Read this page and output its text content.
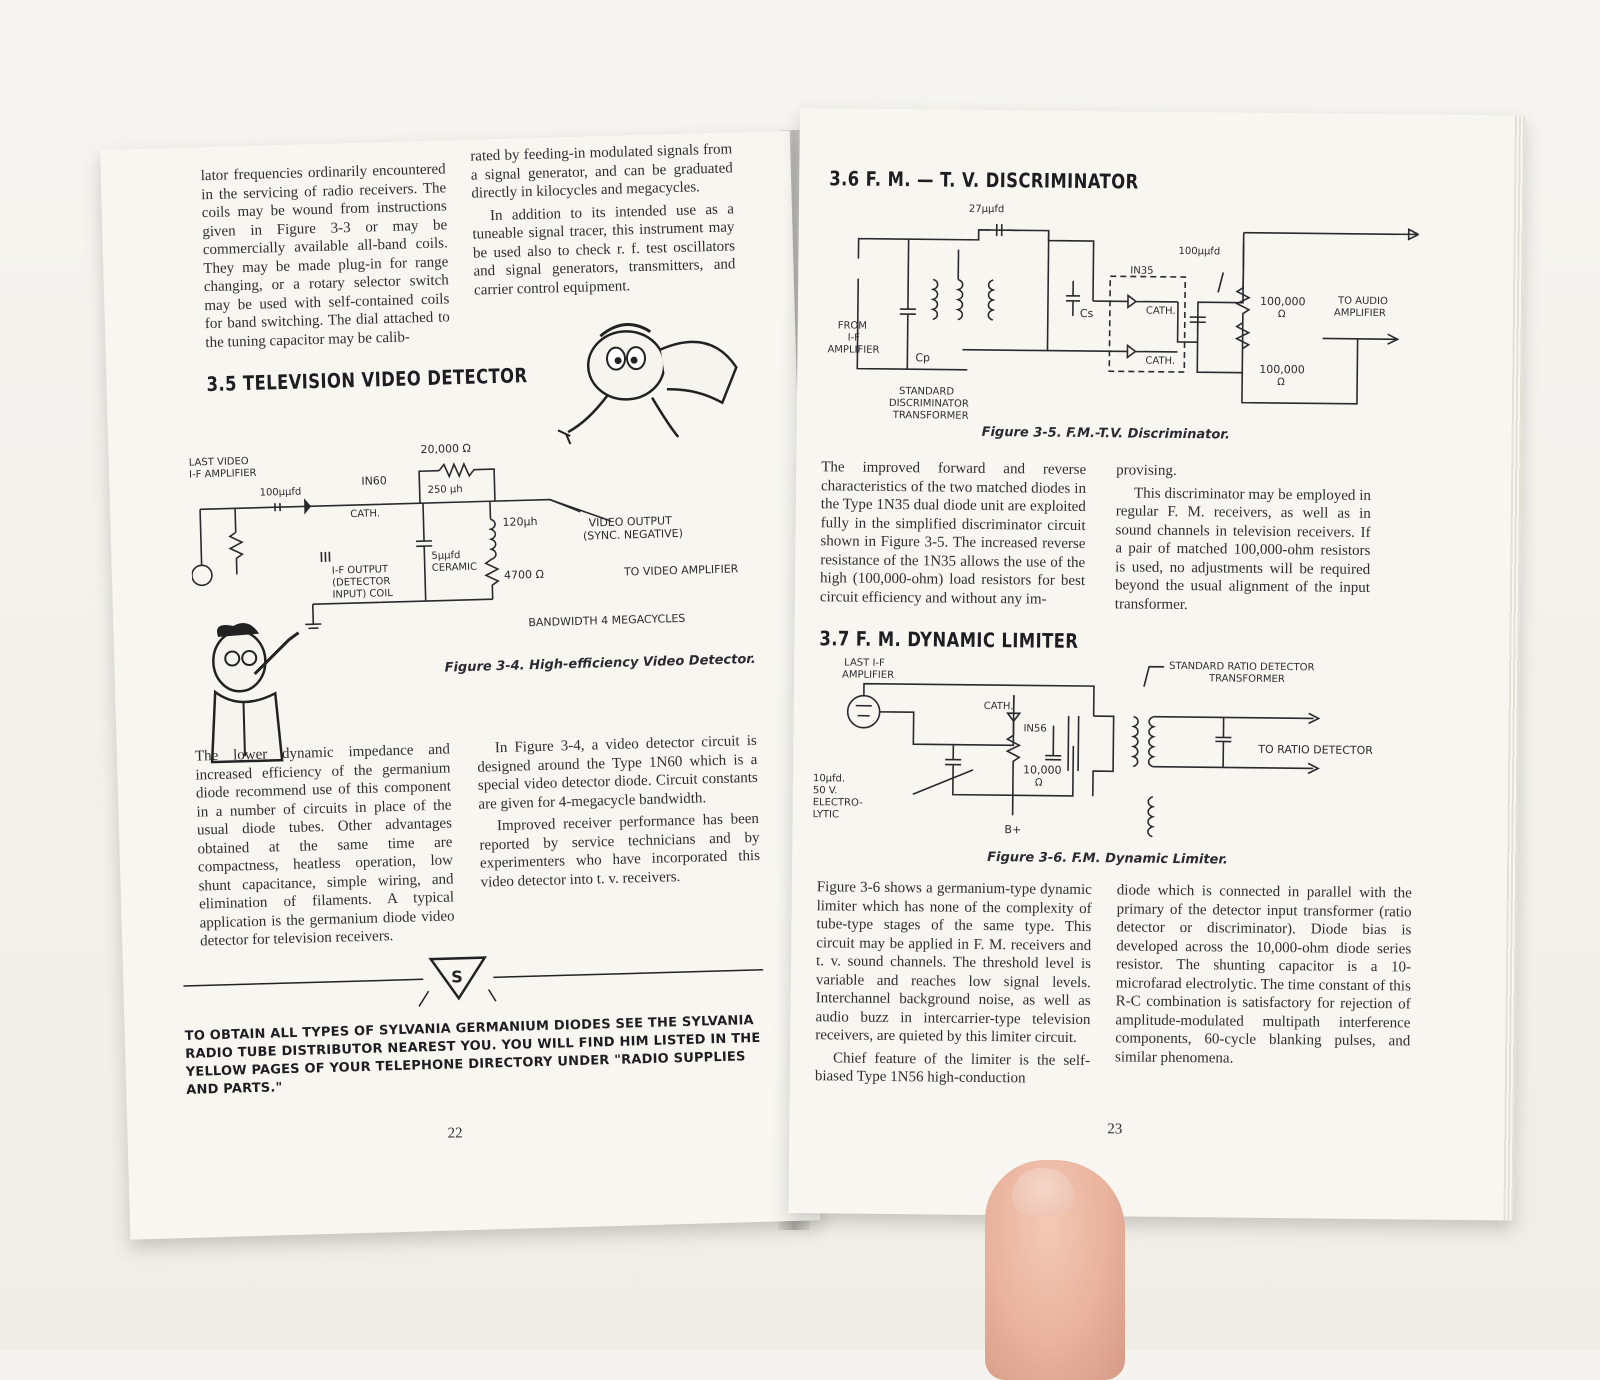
lator frequencies ordinarily encountered in the servicing of radio receivers. The coils may be wound from instructions given in Figure 3-3 or may be commercially available all-band coils. They may be made plug-in for range changing, or a rotary selector switch may be used with self-contained coils for band switching. The dial attached to the tuning capacitor may be calib-

rated by feeding-in modulated signals from a signal generator, and can be graduated directly in kilocycles and megacycles.

In addition to its intended use as a tuneable signal tracer, this instrument may be used also to check r. f. test oscillators and signal generators, transmitters, and carrier control equipment.

3.5 TELEVISION VIDEO DETECTOR
LAST VIDEO
I-F AMPLIFIER
100μμfd
IN60
CATH.
20,000 Ω
250 μh
120μh
5μμfd
CERAMIC
4700 Ω
VIDEO OUTPUT
(SYNC. NEGATIVE)
TO VIDEO AMPLIFIER
I-F OUTPUT
(DETECTOR
INPUT) COIL
BANDWIDTH 4 MEGACYCLES
Figure 3-4. High-efficiency Video Detector.

The lower dynamic impedance and increased efficiency of the germanium diode recommend use of this component in a number of circuits in place of the usual diode tubes. Other advantages obtained at the same time are compactness, heatless operation, low shunt capacitance, simple wiring, and elimination of filaments. A typical application is the germanium diode video detector for television receivers.

In Figure 3-4, a video detector circuit is designed around the Type 1N60 which is a special video detector diode. Circuit constants are given for 4-megacycle bandwidth.

Improved receiver performance has been reported by service technicians and by experimenters who have incorporated this video detector into t. v. receivers.

S
TO OBTAIN ALL TYPES OF SYLVANIA GERMANIUM DIODES SEE THE SYLVANIA RADIO TUBE DISTRIBUTOR NEAREST YOU. YOU WILL FIND HIM LISTED IN THE YELLOW PAGES OF YOUR TELEPHONE DIRECTORY UNDER "RADIO SUPPLIES AND PARTS."
22
3.6 F. M. — T. V. DISCRIMINATOR
27μμfd
100μμfd
IN35
CATH.
CATH.
100,000
Ω
100,000
Ω
TO AUDIO
AMPLIFIER
FROM
I-F
AMPLIFIER
Cp
Cs
STANDARD
DISCRIMINATOR
TRANSFORMER
Figure 3-5. F.M.-T.V. Discriminator.

The improved forward and reverse characteristics of the two matched diodes in the Type 1N35 dual diode unit are exploited fully in the simplified discriminator circuit shown in Figure 3-5. The increased reverse resistance of the 1N35 allows the use of the high (100,000-ohm) load resistors for best circuit efficiency and without any im-

provising.

This discriminator may be employed in regular F. M. receivers, as well as in sound channels in television receivers. If a pair of matched 100,000-ohm resistors is used, no adjustments will be required beyond the usual alignment of the input transformer.

3.7 F. M. DYNAMIC LIMITER
LAST I-F
AMPLIFIER
STANDARD RATIO DETECTOR
TRANSFORMER
CATH.
IN56
10,000
Ω
10μfd.
50 V.
ELECTRO-
LYTIC
B+
TO RATIO DETECTOR
Figure 3-6. F.M. Dynamic Limiter.

Figure 3-6 shows a germanium-type dynamic limiter which has none of the complexity of tube-type stages of the same type. This circuit may be applied in F. M. receivers and t. v. sound channels. The threshold level is variable and reaches low signal levels. Interchannel background noise, as well as audio buzz in intercarrier-type television receivers, are quieted by this limiter circuit.

Chief feature of the limiter is the self-biased Type 1N56 high-conduction

diode which is connected in parallel with the primary of the detector input transformer (ratio detector or discriminator). Diode bias is developed across the 10,000-ohm diode series resistor. The shunting capacitor is a 10-microfarad electrolytic. The time constant of this R-C combination is satisfactory for rejection of amplitude-modulated multipath interference components, 60-cycle blanking pulses, and similar phenomena.

23
